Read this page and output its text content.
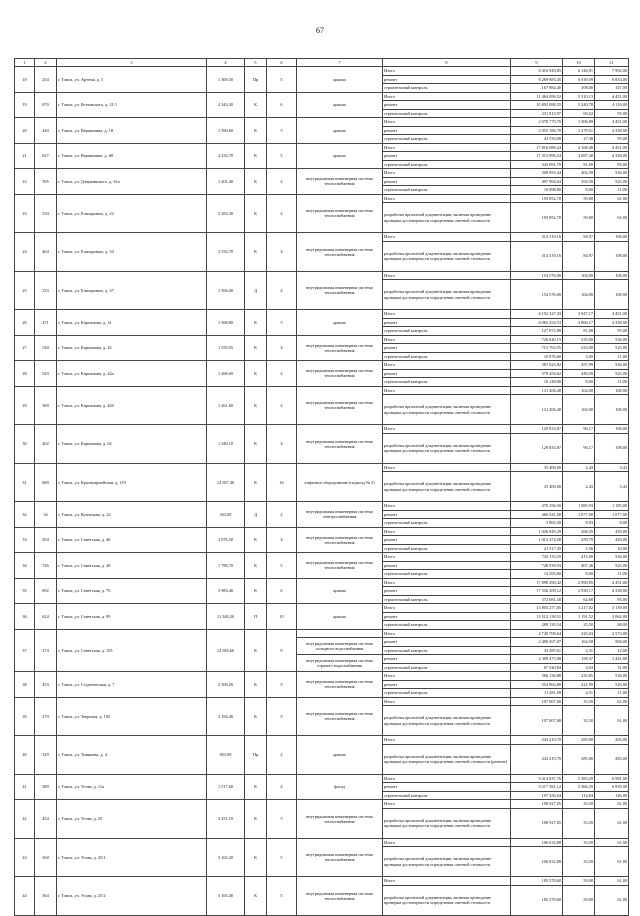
67
1	2	3	4	5	6	7	8	9	10	11
18	254	г. Томск, ул. Артема, д. 3	1 369,30	Пр	5	крыша	Итого	8 416 949,85	6 146,91	7 992,00
							ремонт	8 269 983,45	6 039,59	6 833,00
							строительный контроль	167 884,40	108,00	147,00
19	870	г. Томск, ул. Бетховского, д. 21/1	2 343,30	К	6	крыша	Итого	11 464 099,52	5 310,13	4 451,00
							ремонт	10 892 088,35	5 240,78	4 116,00
							строительный контроль	231 913,97	69,52	95,00
20	440	г. Томск, ул. Вершинина, д. 18	1 590,60	К	5	крыша	Итого	2 078 779,70	1 306,89	4 451,00
							ремонт	2 055 186,70	1 279,51	4 338,00
							строительный контроль	43 533,00	27,38	95,00
21	827	г. Томск, ул. Вершинина, д. 68	4 233,70	К	5	крыша	Итого	17 816 088,24	4 168,40	4 451,00
							ремонт	17 315 996,54	4 087,40	4 338,00
							строительный контроль	343 091,70	81,00	95,00
22	395	г. Томск, ул. Дзержинского, д. 61а	1 201,40	К	4	внутридомовая инженерная система теплоснабжения	Итого	508 093,44	402,58	536,00
							ремонт	497 994,64	394,58	525,00
							строительный контроль	10 098,80	8,00	11,00
23	534	г. Томск, ул. Елизаровых, д. 22	3 283,30	К	4	внутридомовая инженерная система теплоснабжения	Итого	193 852,70	59,00	61,00
							разработка проектной документации, включая проведение проверки достоверности определения сметной стоимости	193 852,70	59,00	61,00
24	464	г. Томск, ул. Елизаровых, д. 34	3 533,70	К	4	внутридомовая инженерная система теплоснабжения	Итого	314 319,16	84,97	108,00
							разработка проектной документации, включая проведение проверки достоверности определения сметной стоимости	314 319,16	84,97	108,00
25	333	г. Томск, ул. Елизаровых, д. 37	1 394,00	Д	4	внутридомовая инженерная система теплоснабжения	Итого	154 576,00	104,00	108,00
							разработка проектной документации, включая проведение проверки достоверности определения сметной стоимости	154 576,00	104,00	108,00
26	471	г. Томск, ул. Карташова, д. 31	1 568,80	К	5	крыша	Итого	6 192 327,33	3 947,17	4 451,00
							ремонт	6 065 254,53	3 866,17	4 338,00
							строительный контроль	127 072,80	81,00	95,00
27	540	г. Томск, ул. Карташова, д. 42	1 559,55	К	4	внутридомовая инженерная система теплоснабжения	Итого	726 640,15	535,00	536,00
							ремонт	715 763,55	525,00	525,00
							строительный контроль	10 876,60	3,00	11,00
28	543	г. Томск, ул. Карташова, д. 42а	1 268,60	К	4	внутридомовая инженерная система теплоснабжения	Итого	581 023,82	457,99	536,00
							ремонт	570 454,62	449,59	525,00
							строительный контроль	10 148,80	8,00	11,00
29	369	г. Томск, ул. Карташова, д. 42б	1 261,60	К	4	внутридомовая инженерная система теплоснабжения	Итого	131 206,40	104,00	108,00
							разработка проектной документации, включая проведение проверки достоверности определения сметной стоимости	131 206,40	104,00	108,00
30	402	г. Томск, ул. Карташова, д. 62	1 340,10	К	4	внутридомовая инженерная система теплоснабжения	Итого	129 833,87	96,17	108,00
							разработка проектной документации, включая проведение проверки достоверности определения сметной стоимости	129 833,87	96,17	108,00
31	680	г. Томск, ул. Красноармейская, д. 119	14 587,40	К	16	лифтовое оборудование (подъезд № 5)	Итого	35 400,00	2,43	3,43
							разработка проектной документации, включая проведение проверки достоверности определения сметной стоимости	35 400,00	2,43	3,43
32	34	г. Томск, ул. Кузнецова, д. 22	433,00	Д	2	внутридомовая инженерная система электроснабжения	Итого	470 356,50	1 085,93	1 185,00
							ремонт	466 541,00	1 077,00	1 077,00
							строительный контроль	3 865,50	8,93	8,00
33	294	г. Томск, ул. Советская, д. 46	3 876,50	К	4	внутридомовая инженерная система теплоснабжения	Итого	1 036 945,29	268,35	459,00
							ремонт	1 015 474,08	259,79	449,00
							строительный контроль	21 517,35	5,56	10,00
34	726	г. Томск, ул. Советская, д. 48	1 786,70	К	5	внутридомовая инженерная система теплоснабжения	Итого	743 133,55	415,00	536,00
							ремонт	728 939,93	407,46	525,00
							строительный контроль	14 293,60	8,00	11,00
35	692	г. Томск, ул. Советская, д. 70	5 983,40	К	6	крыша	Итого	17 898 290,42	2 990,85	4 451,00
							ремонт	17 536 209,12	2 930,17	4 338,00
							строительный контроль	372 081,30	62,68	95,00
36	624	г. Томск, ул. Советская, д. 99	11 340,20	П	10	крыша	Итого	13 803 277,85	1 217,02	3 139,00
							ремонт	13 512 138,51	1 191,52	3 062,00
							строительный контроль	289 139,34	25,50	68,00
37	374	г. Томск, ул. Советская, д. 105	14 585,66	К	9		Итого	4 749 708,64	325,63	2 573,00
						внутридомовая инженерная система холодного водоснабжения	ремонт	2 400 567,07	164,58	584,00
							строительный контроль	33 285,61	2,31	12,00
						внутридомовая инженерная система горячего водоснабжения	ремонт	2 309 475,08	158,37	1 441,00
							строительный контроль	67 540,84	4,63	31,00
38	453	г. Томск, ул. Студенческая, д. 7	2 500,20	К	5	внутридомовая инженерная система теплоснабжения	Итого	566 136,88	235,85	536,00
							ремонт	554 863,80	221,95	525,00
							строительный контроль	11 281,08	4,51	11,00
39	270	г. Томск, ул. Тверская, д. 105	3 194,40	К	5	внутридомовая инженерная система теплоснабжения	Итого	107 007,68	33,50	61,00
							разработка проектной документации, включая проведение проверки достоверности определения сметной стоимости	107 007,68	33,50	61,00
40	329	г. Томск, ул. Тимакова, д. 4	853,90	Пр	2	крыша	Итого	243 219,70	285,00	285,00
							разработка проектной документации, включая проведение проверки достоверности определения сметной стоимости (ремонт)	243 219,70	285,00	285,00
41	389	г. Томск, ул. Усова, д. 11а	1 517,60	К	4	фасад	Итого	9 414 837,76	5 483,29	6 981,00
							ремонт	9 217 581,12	5 366,35	6 835,00
							строительный контроль	197 256,64	114,84	146,00
42	454	г. Томск, ул. Усова, д. 25	3 251,10	К	5	внутридомовая инженерная система теплоснабжения	Итого	108 927,05	33,50	61,00
							разработка проектной документации, включая проведение проверки достоверности определения сметной стоимости	108 927,05	33,50	61,00
43	360	г. Томск, ул. Усова, д. 25/1	3 165,30	К	5	внутридомовая инженерная система теплоснабжения	Итого	106 032,88	33,50	61,00
							разработка проектной документации, включая проведение проверки достоверности определения сметной стоимости	106 032,88	33,50	61,00
44	364	г. Томск, ул. Усова, д. 25/2	3 165,40	К	5	внутридомовая инженерная система теплоснабжения	Итого	185 578,60	59,00	61,00
							разработка проектной документации, включая проведение проверки достоверности определения сметной стоимости	185 578,60	59,00	61,00
